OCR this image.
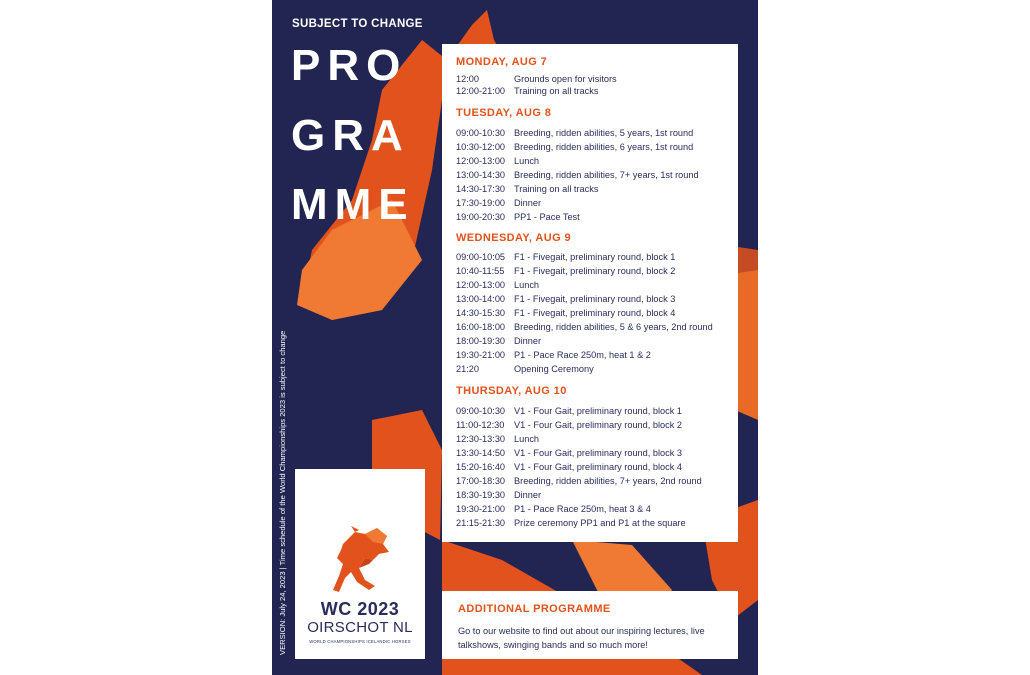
SUBJECT TO CHANGE
PRO
GRA
MME
VERSION: July 24, 2023 | Time schedule of the World Championships 2023 is subject to change
MONDAY, AUG 7
12:00	Grounds open for visitors
12:00-21:00 Training on all tracks
TUESDAY, AUG 8
09:00-10:30 Breeding, ridden abilities, 5 years, 1st round
10:30-12:00 Breeding, ridden abilities, 6 years, 1st round
12:00-13:00 Lunch
13:00-14:30 Breeding, ridden abilities, 7+ years, 1st round
14:30-17:30 Training on all tracks
17:30-19:00 Dinner
19:00-20:30 PP1 - Pace Test
WEDNESDAY, AUG 9
09:00-10:05 F1 - Fivegait, preliminary round, block 1
10:40-11:55 F1 - Fivegait, preliminary round, block 2
12:00-13:00 Lunch
13:00-14:00 F1 - Fivegait, preliminary round, block 3
14:30-15:30 F1 - Fivegait, preliminary round, block 4
16:00-18:00 Breeding, ridden abilities, 5 & 6 years, 2nd round
18:00-19:30 Dinner
19:30-21:00 P1 - Pace Race 250m, heat 1 & 2
21:20	Opening Ceremony
THURSDAY, AUG 10
09:00-10:30 V1 - Four Gait, preliminary round, block 1
11:00-12:30 V1 - Four Gait, preliminary round, block 2
12:30-13:30 Lunch
13:30-14:50 V1 - Four Gait, preliminary round, block 3
15:20-16:40 V1 - Four Gait, preliminary round, block 4
17:00-18:30 Breeding, ridden abilities, 7+ years, 2nd round
18:30-19:30 Dinner
19:30-21:00 P1 - Pace Race 250m, heat 3 & 4
21:15-21:30 Prize ceremony PP1 and P1 at the square
WC 2023
OIRSCHOT NL
WORLD CHAMPIONSHIPS ICELANDIC HORSES
ADDITIONAL PROGRAMME
Go to our website to find out about our inspiring lectures, live talkshows, swinging bands and so much more!
